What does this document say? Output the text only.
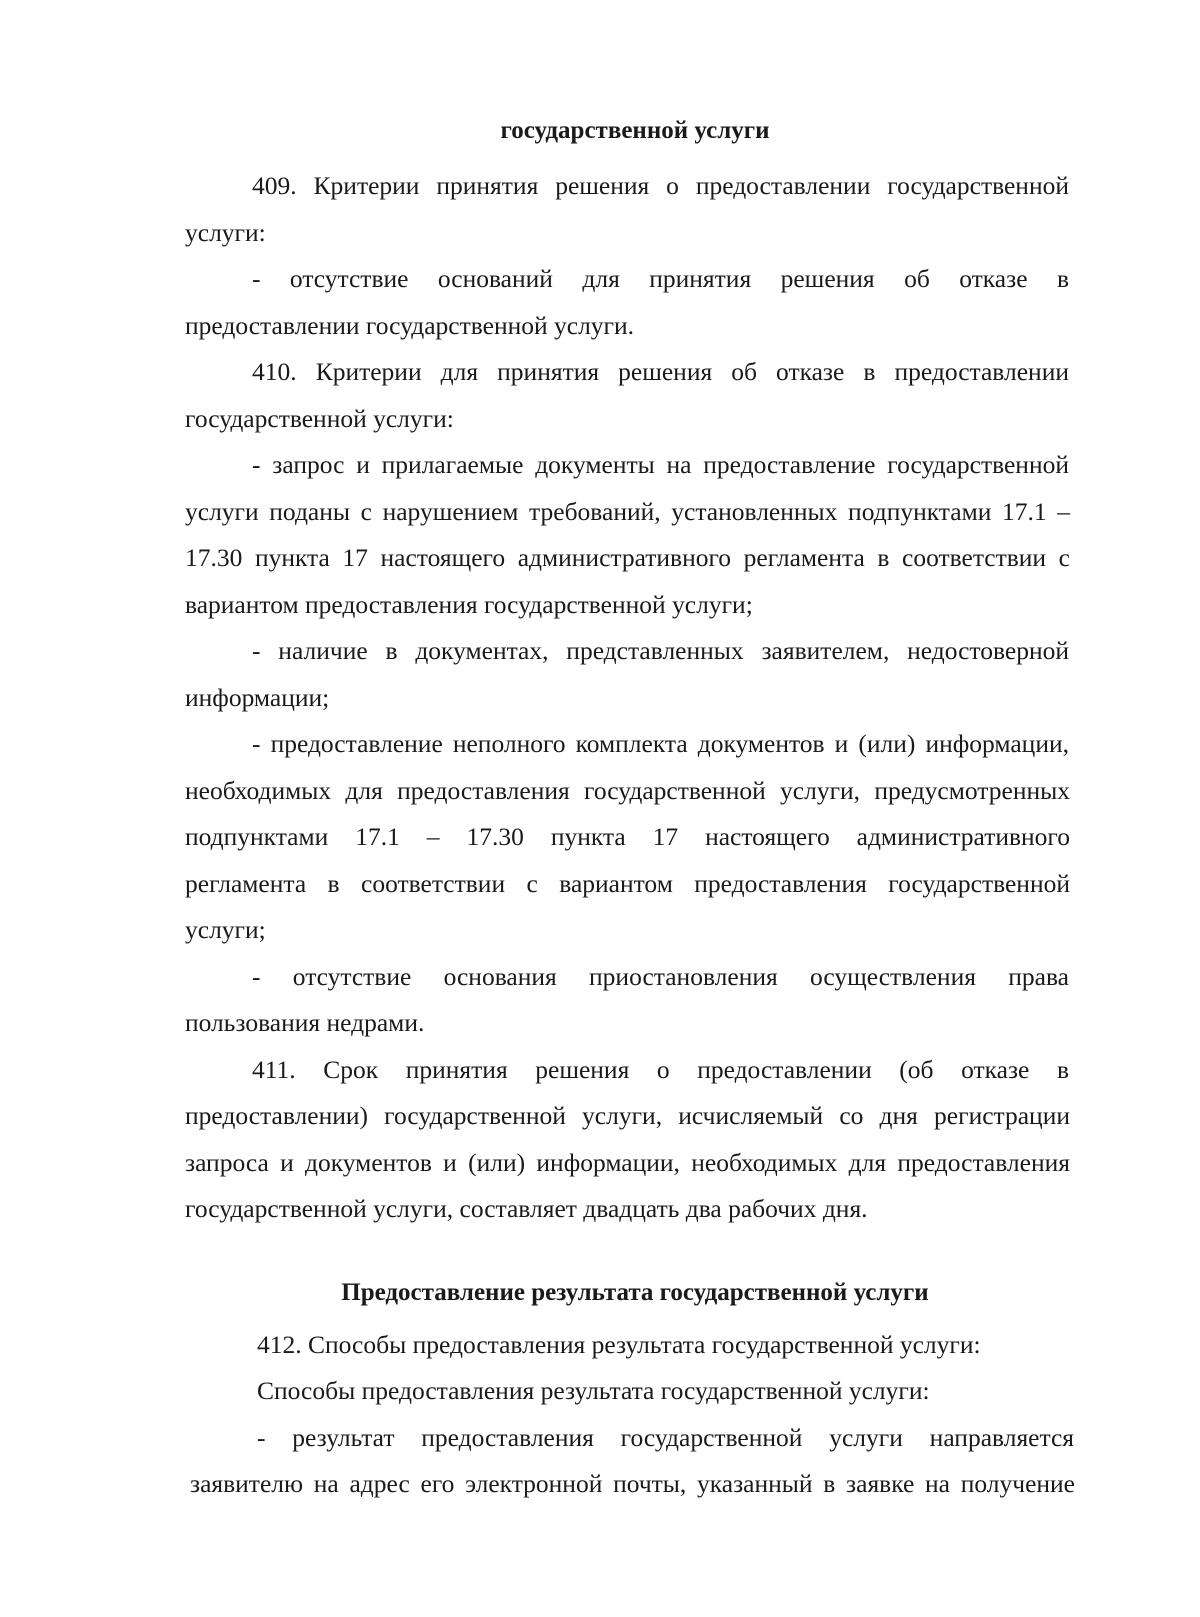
государственной услуги
409. Критерии принятия решения о предоставлении государственной
услуги:
- отсутствие оснований для принятия решения об отказе в
предоставлении государственной услуги.
410. Критерии для принятия решения об отказе в предоставлении
государственной услуги:
- запрос и прилагаемые документы на предоставление государственной
услуги поданы с нарушением требований, установленных подпунктами 17.1 –
17.30 пункта 17 настоящего административного регламента в соответствии с
вариантом предоставления государственной услуги;
- наличие в документах, представленных заявителем, недостоверной
информации;
- предоставление неполного комплекта документов и (или) информации,
необходимых для предоставления государственной услуги, предусмотренных
подпунктами 17.1 – 17.30 пункта 17 настоящего административного
регламента в соответствии с вариантом предоставления государственной
услуги;
- отсутствие основания приостановления осуществления права
пользования недрами.
411. Срок принятия решения о предоставлении (об отказе в
предоставлении) государственной услуги, исчисляемый со дня регистрации
запроса и документов и (или) информации, необходимых для предоставления
государственной услуги, составляет двадцать два рабочих дня.
Предоставление результата государственной услуги
412. Способы предоставления результата государственной услуги:
Способы предоставления результата государственной услуги:
- результат предоставления государственной услуги направляется
заявителю на адрес его электронной почты, указанный в заявке на получение
